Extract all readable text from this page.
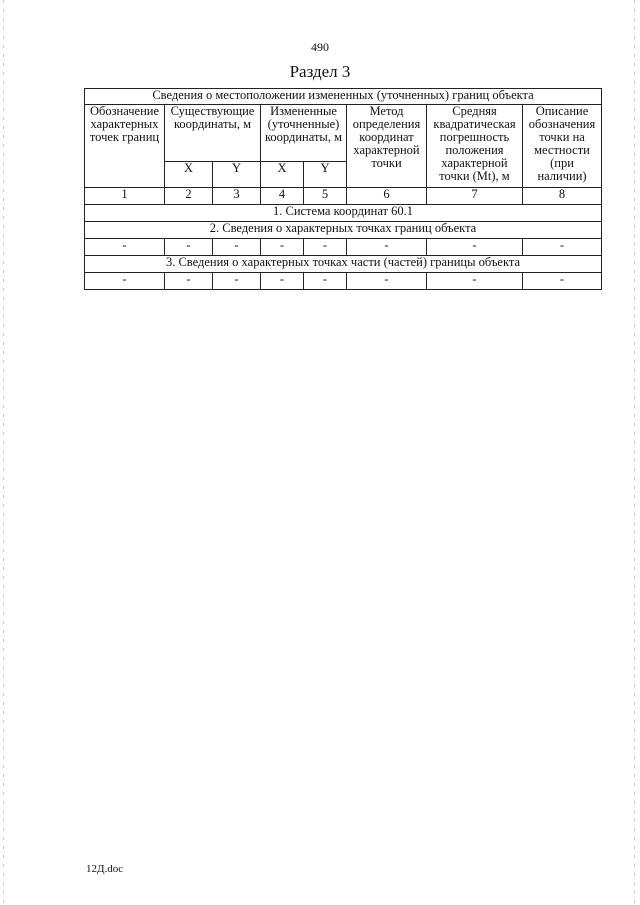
490
Раздел 3
Сведения о местоположении измененных (уточненных) границ объекта							
Обозначение характерных точек границ	Существующие координаты, м		Измененные (уточненные) координаты, м		Метод определения координат характерной точки	Средняя квадратическая погрешность положения характерной точки (Mt), м	Описание обозначения точки на местности (при наличии)
	X	Y	X	Y			
1	2	3	4	5	6	7	8
1. Система координат 60.1							
2. Сведения о характерных точках границ объекта							
-	-	-	-	-	-	-	-
3. Сведения о характерных точках части (частей) границы объекта							
-	-	-	-	-	-	-	-
12Д.doc
